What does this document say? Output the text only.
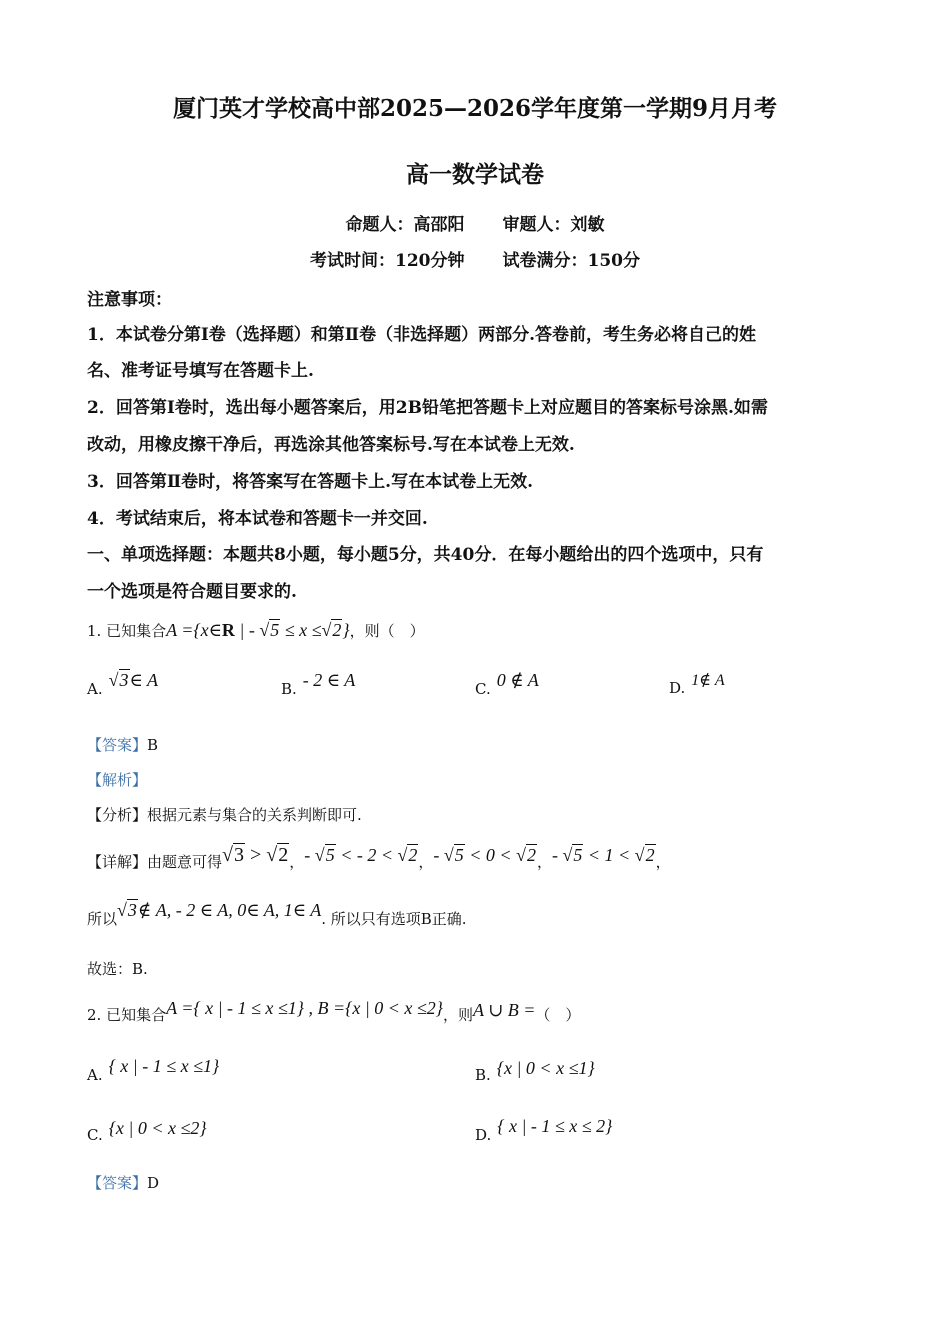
厦门英才学校高中部2025—2026学年度第一学期9月月考
高一数学试卷
命题人：高邵阳 审题人：刘敏
考试时间：120分钟 试卷满分：150分
注意事项：
1．本试卷分第Ⅰ卷（选择题）和第Ⅱ卷（非选择题）两部分.答卷前，考生务必将自己的姓
名、准考证号填写在答题卡上.
2．回答第Ⅰ卷时，选出每小题答案后，用2B铅笔把答题卡上对应题目的答案标号涂黑.如需
改动，用橡皮擦干净后，再选涂其他答案标号.写在本试卷上无效.
3．回答第Ⅱ卷时，将答案写在答题卡上.写在本试卷上无效.
4．考试结束后，将本试卷和答题卡一并交回.
一、单项选择题：本题共8小题，每小题5分，共40分．在每小题给出的四个选项中，只有
一个选项是符合题目要求的.
1. 已知集合A ={x∈R | - √5 ≤ x ≤√2}，则（　）
A. √3∈ A	B. - 2 ∈ A	C. 0 ∉ A	D. 1∉ A
【答案】B
【解析】
【分析】根据元素与集合的关系判断即可.
【详解】由题意可得√3 > √2，- √5 < - 2 < √2，- √5 < 0 < √2，- √5 < 1 < √2，
所以√3∉ A, - 2 ∈ A, 0∈ A, 1∈ A. 所以只有选项B正确.
故选：B.
2. 已知集合A ={ x | - 1 ≤ x ≤1} , B ={x | 0 < x ≤2}，则A ∪ B =（　）
A. { x | - 1 ≤ x ≤1}	B. {x | 0 < x ≤1}
C. {x | 0 < x ≤2}	D. { x | - 1 ≤ x ≤ 2}
【答案】D
